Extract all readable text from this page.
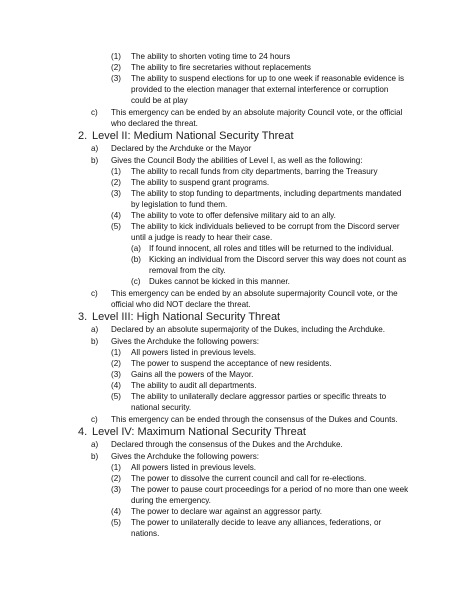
(1) The ability to shorten voting time to 24 hours
(2) The ability to fire secretaries without replacements
(3) The ability to suspend elections for up to one week if reasonable evidence is
provided to the election manager that external interference or corruption
could be at play
c) This emergency can be ended by an absolute majority Council vote, or the official
who declared the threat.
2. Level II: Medium National Security Threat
a) Declared by the Archduke or the Mayor
b) Gives the Council Body the abilities of Level I, as well as the following:
(1) The ability to recall funds from city departments, barring the Treasury
(2) The ability to suspend grant programs.
(3) The ability to stop funding to departments, including departments mandated
by legislation to fund them.
(4) The ability to vote to offer defensive military aid to an ally.
(5) The ability to kick individuals believed to be corrupt from the Discord server
until a judge is ready to hear their case.
(a) If found innocent, all roles and titles will be returned to the individual.
(b) Kicking an individual from the Discord server this way does not count as
removal from the city.
(c) Dukes cannot be kicked in this manner.
c) This emergency can be ended by an absolute supermajority Council vote, or the
official who did NOT declare the threat.
3. Level III: High National Security Threat
a) Declared by an absolute supermajority of the Dukes, including the Archduke.
b) Gives the Archduke the following powers:
(1) All powers listed in previous levels.
(2) The power to suspend the acceptance of new residents.
(3) Gains all the powers of the Mayor.
(4) The ability to audit all departments.
(5) The ability to unilaterally declare aggressor parties or specific threats to
national security.
c) This emergency can be ended through the consensus of the Dukes and Counts.
4. Level IV: Maximum National Security Threat
a) Declared through the consensus of the Dukes and the Archduke.
b) Gives the Archduke the following powers:
(1) All powers listed in previous levels.
(2) The power to dissolve the current council and call for re-elections.
(3) The power to pause court proceedings for a period of no more than one week
during the emergency.
(4) The power to declare war against an aggressor party.
(5) The power to unilaterally decide to leave any alliances, federations, or
nations.
